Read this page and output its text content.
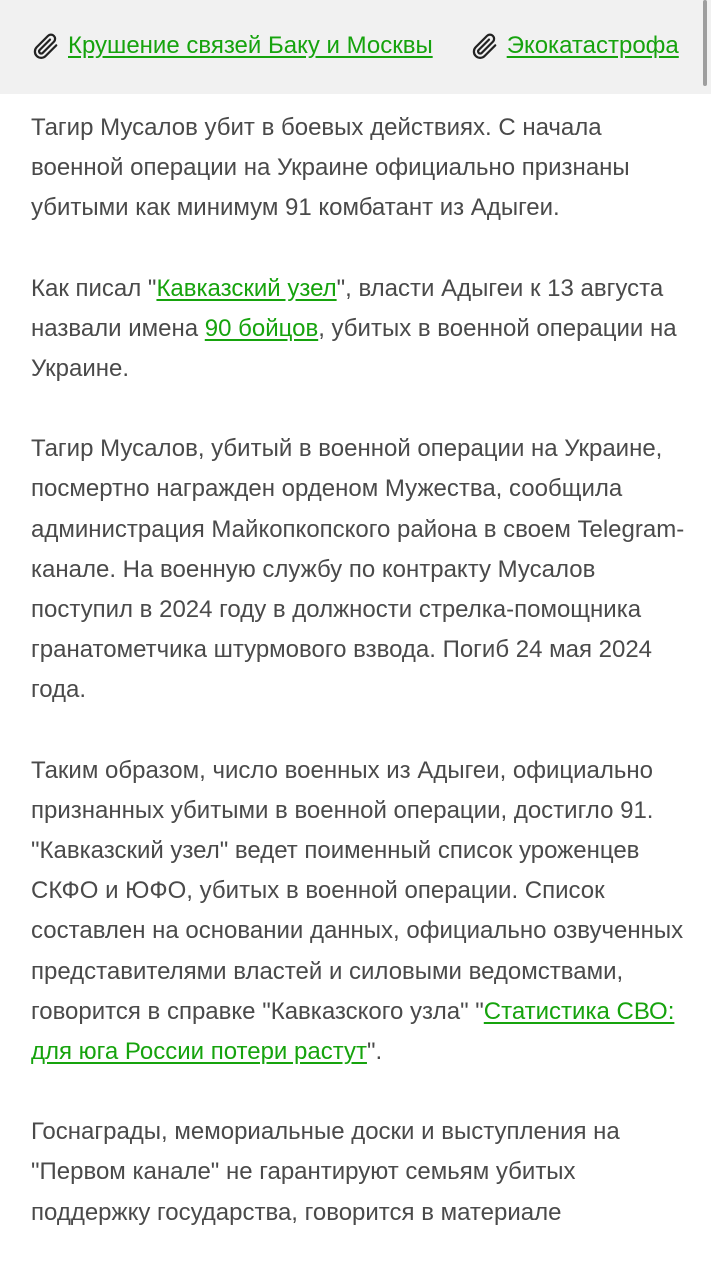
Крушение связей Баку и Москвы	Экокатастрофа

Тагир Мусалов убит в боевых действиях. С начала военной операции на Украине официально признаны убитыми как минимум 91 комбатант из Адыгеи.

Как писал "Кавказский узел", власти Адыгеи к 13 августа назвали имена 90 бойцов, убитых в военной операции на Украине.

Тагир Мусалов, убитый в военной операции на Украине, посмертно награжден орденом Мужества, сообщила администрация Майкопкопского района в своем Telegram-канале. На военную службу по контракту Мусалов поступил в 2024 году в должности стрелка-помощника гранатометчика штурмового взвода. Погиб 24 мая 2024 года.

Таким образом, число военных из Адыгеи, официально признанных убитыми в военной операции, достигло 91. "Кавказский узел" ведет поименный список уроженцев СКФО и ЮФО, убитых в военной операции. Список составлен на основании данных, официально озвученных представителями властей и силовыми ведомствами, говорится в справке "Кавказского узла" "Статистика СВО: для юга России потери растут".

Госнаграды, мемориальные доски и выступления на "Первом канале" не гарантируют семьям убитых поддержку государства, говорится в материале
